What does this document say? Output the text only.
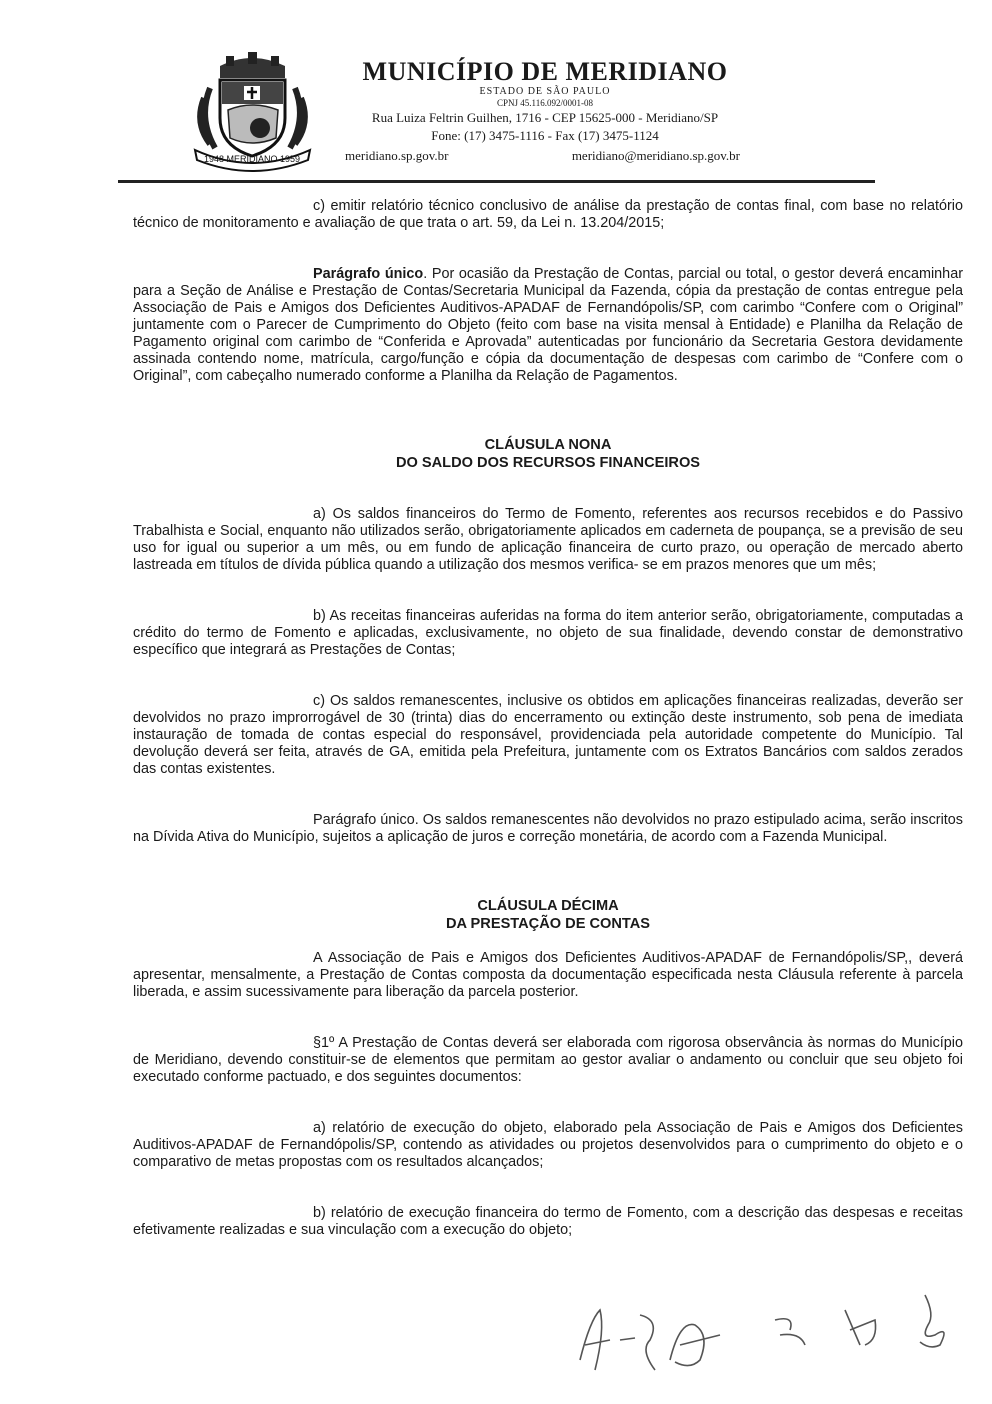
1948 MERIDIANO 1959
MUNICÍPIO DE MERIDIANO
ESTADO DE SÃO PAULO
CPNJ 45.116.092/0001-08
Rua Luiza Feltrin Guilhen, 1716 - CEP 15625-000 - Meridiano/SP
Fone: (17) 3475-1116 - Fax (17) 3475-1124
meridiano.sp.gov.br	meridiano@meridiano.sp.gov.br

c) emitir relatório técnico conclusivo de análise da prestação de contas final, com base no relatório técnico de monitoramento e avaliação de que trata o art. 59, da Lei n. 13.204/2015;

Parágrafo único. Por ocasião da Prestação de Contas, parcial ou total, o gestor deverá encaminhar para a Seção de Análise e Prestação de Contas/Secretaria Municipal da Fazenda, cópia da prestação de contas entregue pela Associação de Pais e Amigos dos Deficientes Auditivos-APADAF de Fernandópolis/SP, com carimbo “Confere com o Original” juntamente com o Parecer de Cumprimento do Objeto (feito com base na visita mensal à Entidade) e Planilha da Relação de Pagamento original com carimbo de “Conferida e Aprovada” autenticadas por funcionário da Secretaria Gestora devidamente assinada contendo nome, matrícula, cargo/função e cópia da documentação de despesas com carimbo de “Confere com o Original”, com cabeçalho numerado conforme a Planilha da Relação de Pagamentos.

CLÁUSULA NONA
DO SALDO DOS RECURSOS FINANCEIROS

a) Os saldos financeiros do Termo de Fomento, referentes aos recursos recebidos e do Passivo Trabalhista e Social, enquanto não utilizados serão, obrigatoriamente aplicados em caderneta de poupança, se a previsão de seu uso for igual ou superior a um mês, ou em fundo de aplicação financeira de curto prazo, ou operação de mercado aberto lastreada em títulos de dívida pública quando a utilização dos mesmos verifica- se em prazos menores que um mês;

b) As receitas financeiras auferidas na forma do item anterior serão, obrigatoriamente, computadas a crédito do termo de Fomento e aplicadas, exclusivamente, no objeto de sua finalidade, devendo constar de demonstrativo específico que integrará as Prestações de Contas;

c) Os saldos remanescentes, inclusive os obtidos em aplicações financeiras realizadas, deverão ser devolvidos no prazo improrrogável de 30 (trinta) dias do encerramento ou extinção deste instrumento, sob pena de imediata instauração de tomada de contas especial do responsável, providenciada pela autoridade competente do Município. Tal devolução deverá ser feita, através de GA, emitida pela Prefeitura, juntamente com os Extratos Bancários com saldos zerados das contas existentes.

Parágrafo único. Os saldos remanescentes não devolvidos no prazo estipulado acima, serão inscritos na Dívida Ativa do Município, sujeitos a aplicação de juros e correção monetária, de acordo com a Fazenda Municipal.

CLÁUSULA DÉCIMA
DA PRESTAÇÃO DE CONTAS

A Associação de Pais e Amigos dos Deficientes Auditivos-APADAF de Fernandópolis/SP,, deverá apresentar, mensalmente, a Prestação de Contas composta da documentação especificada nesta Cláusula referente à parcela liberada, e assim sucessivamente para liberação da parcela posterior.

§1º A Prestação de Contas deverá ser elaborada com rigorosa observância às normas do Município de Meridiano, devendo constituir-se de elementos que permitam ao gestor avaliar o andamento ou concluir que seu objeto foi executado conforme pactuado, e dos seguintes documentos:

a) relatório de execução do objeto, elaborado pela Associação de Pais e Amigos dos Deficientes Auditivos-APADAF de Fernandópolis/SP, contendo as atividades ou projetos desenvolvidos para o cumprimento do objeto e o comparativo de metas propostas com os resultados alcançados;

b) relatório de execução financeira do termo de Fomento, com a descrição das despesas e receitas efetivamente realizadas e sua vinculação com a execução do objeto;
